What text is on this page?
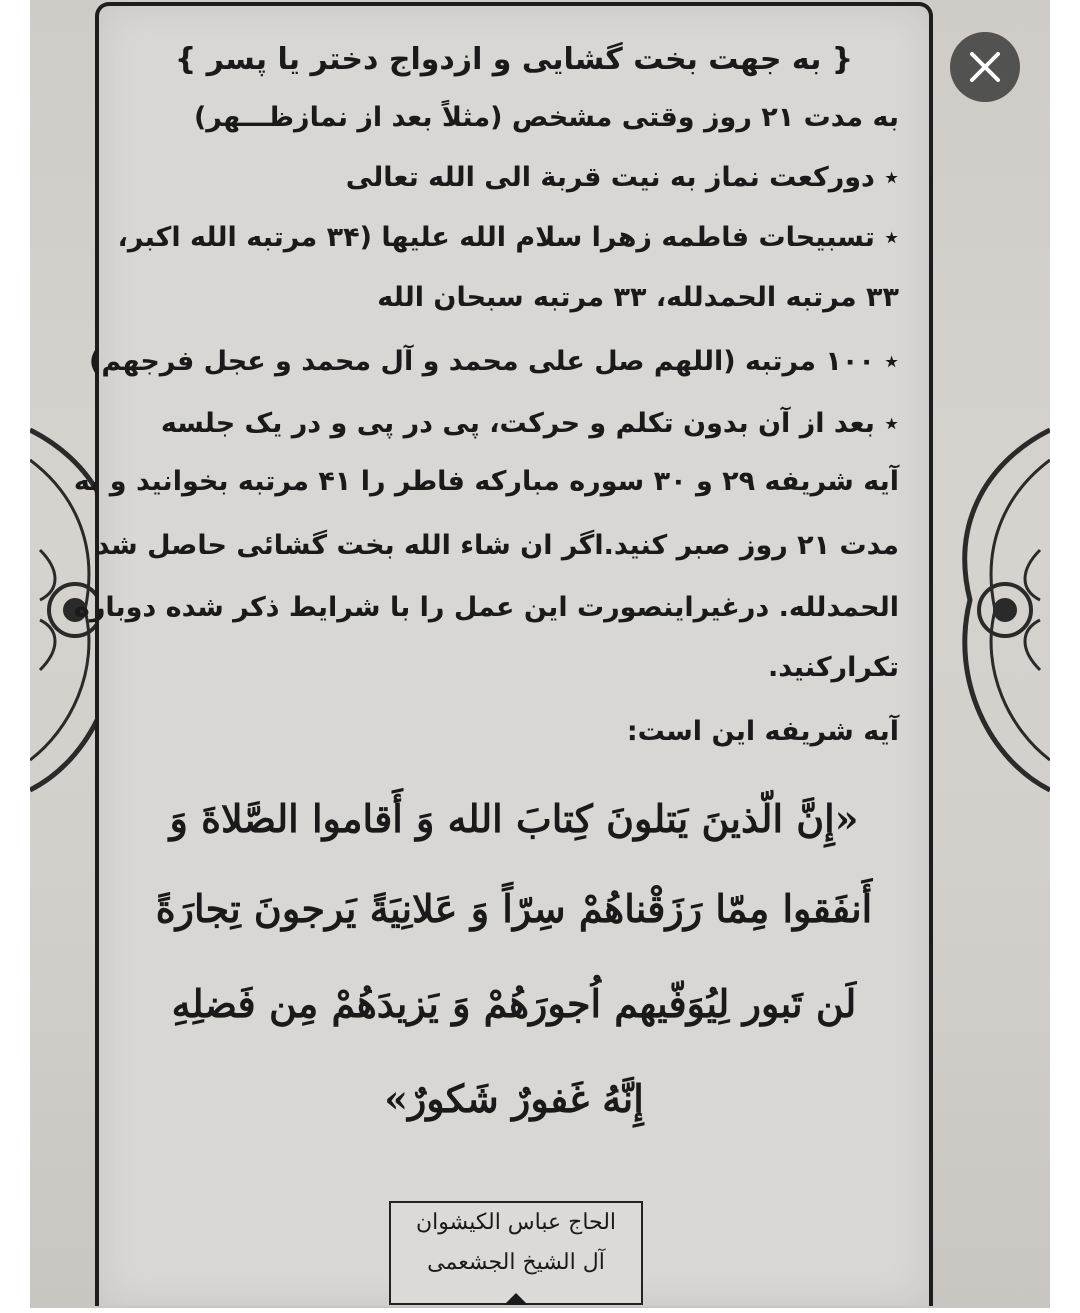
{ به جهت بخت گشایی و ازدواج دختر یا پسر }
به مدت ۲۱ روز وقتی مشخص (مثلاً بعد از نمازظـــهر)
٭ دورکعت نماز به نیت قربة الی الله تعالی
٭ تسبیحات فاطمه زهرا سلام الله علیها (۳۴ مرتبه الله اکبر،
۳۳ مرتبه الحمدلله، ۳۳ مرتبه سبحان الله
٭ ۱۰۰ مرتبه (اللهم صل علی محمد و آل محمد و عجل فرجهم)
٭ بعد از آن بدون تکلم و حرکت، پی در پی و در یک جلسه
آیه شریفه ۲۹ و ۳۰ سوره مبارکه فاطر را ۴۱ مرتبه بخوانید و به
مدت ۲۱ روز صبر کنید.اگر ان شاء الله بخت گشائی حاصل شد
الحمدلله. درغیراینصورت این عمل را با شرایط ذکر شده دوباره
تکرارکنید.
آیه شریفه این است:
«إِنَّ الّذینَ یَتلونَ کِتابَ الله وَ أَقاموا الصَّلاةَ وَ
أَنفَقوا مِمّا رَزَقْناهُمْ سِرّاً وَ عَلانِیَةً یَرجونَ تِجارَةً
لَن تَبور لِیُوَفّیهم اُجورَهُمْ وَ یَزیدَهُمْ مِن فَضلِهِ
إِنَّهُ غَفورٌ شَکورٌ»
الحاج عباس الکیشوان
آل الشیخ الجشعمی
